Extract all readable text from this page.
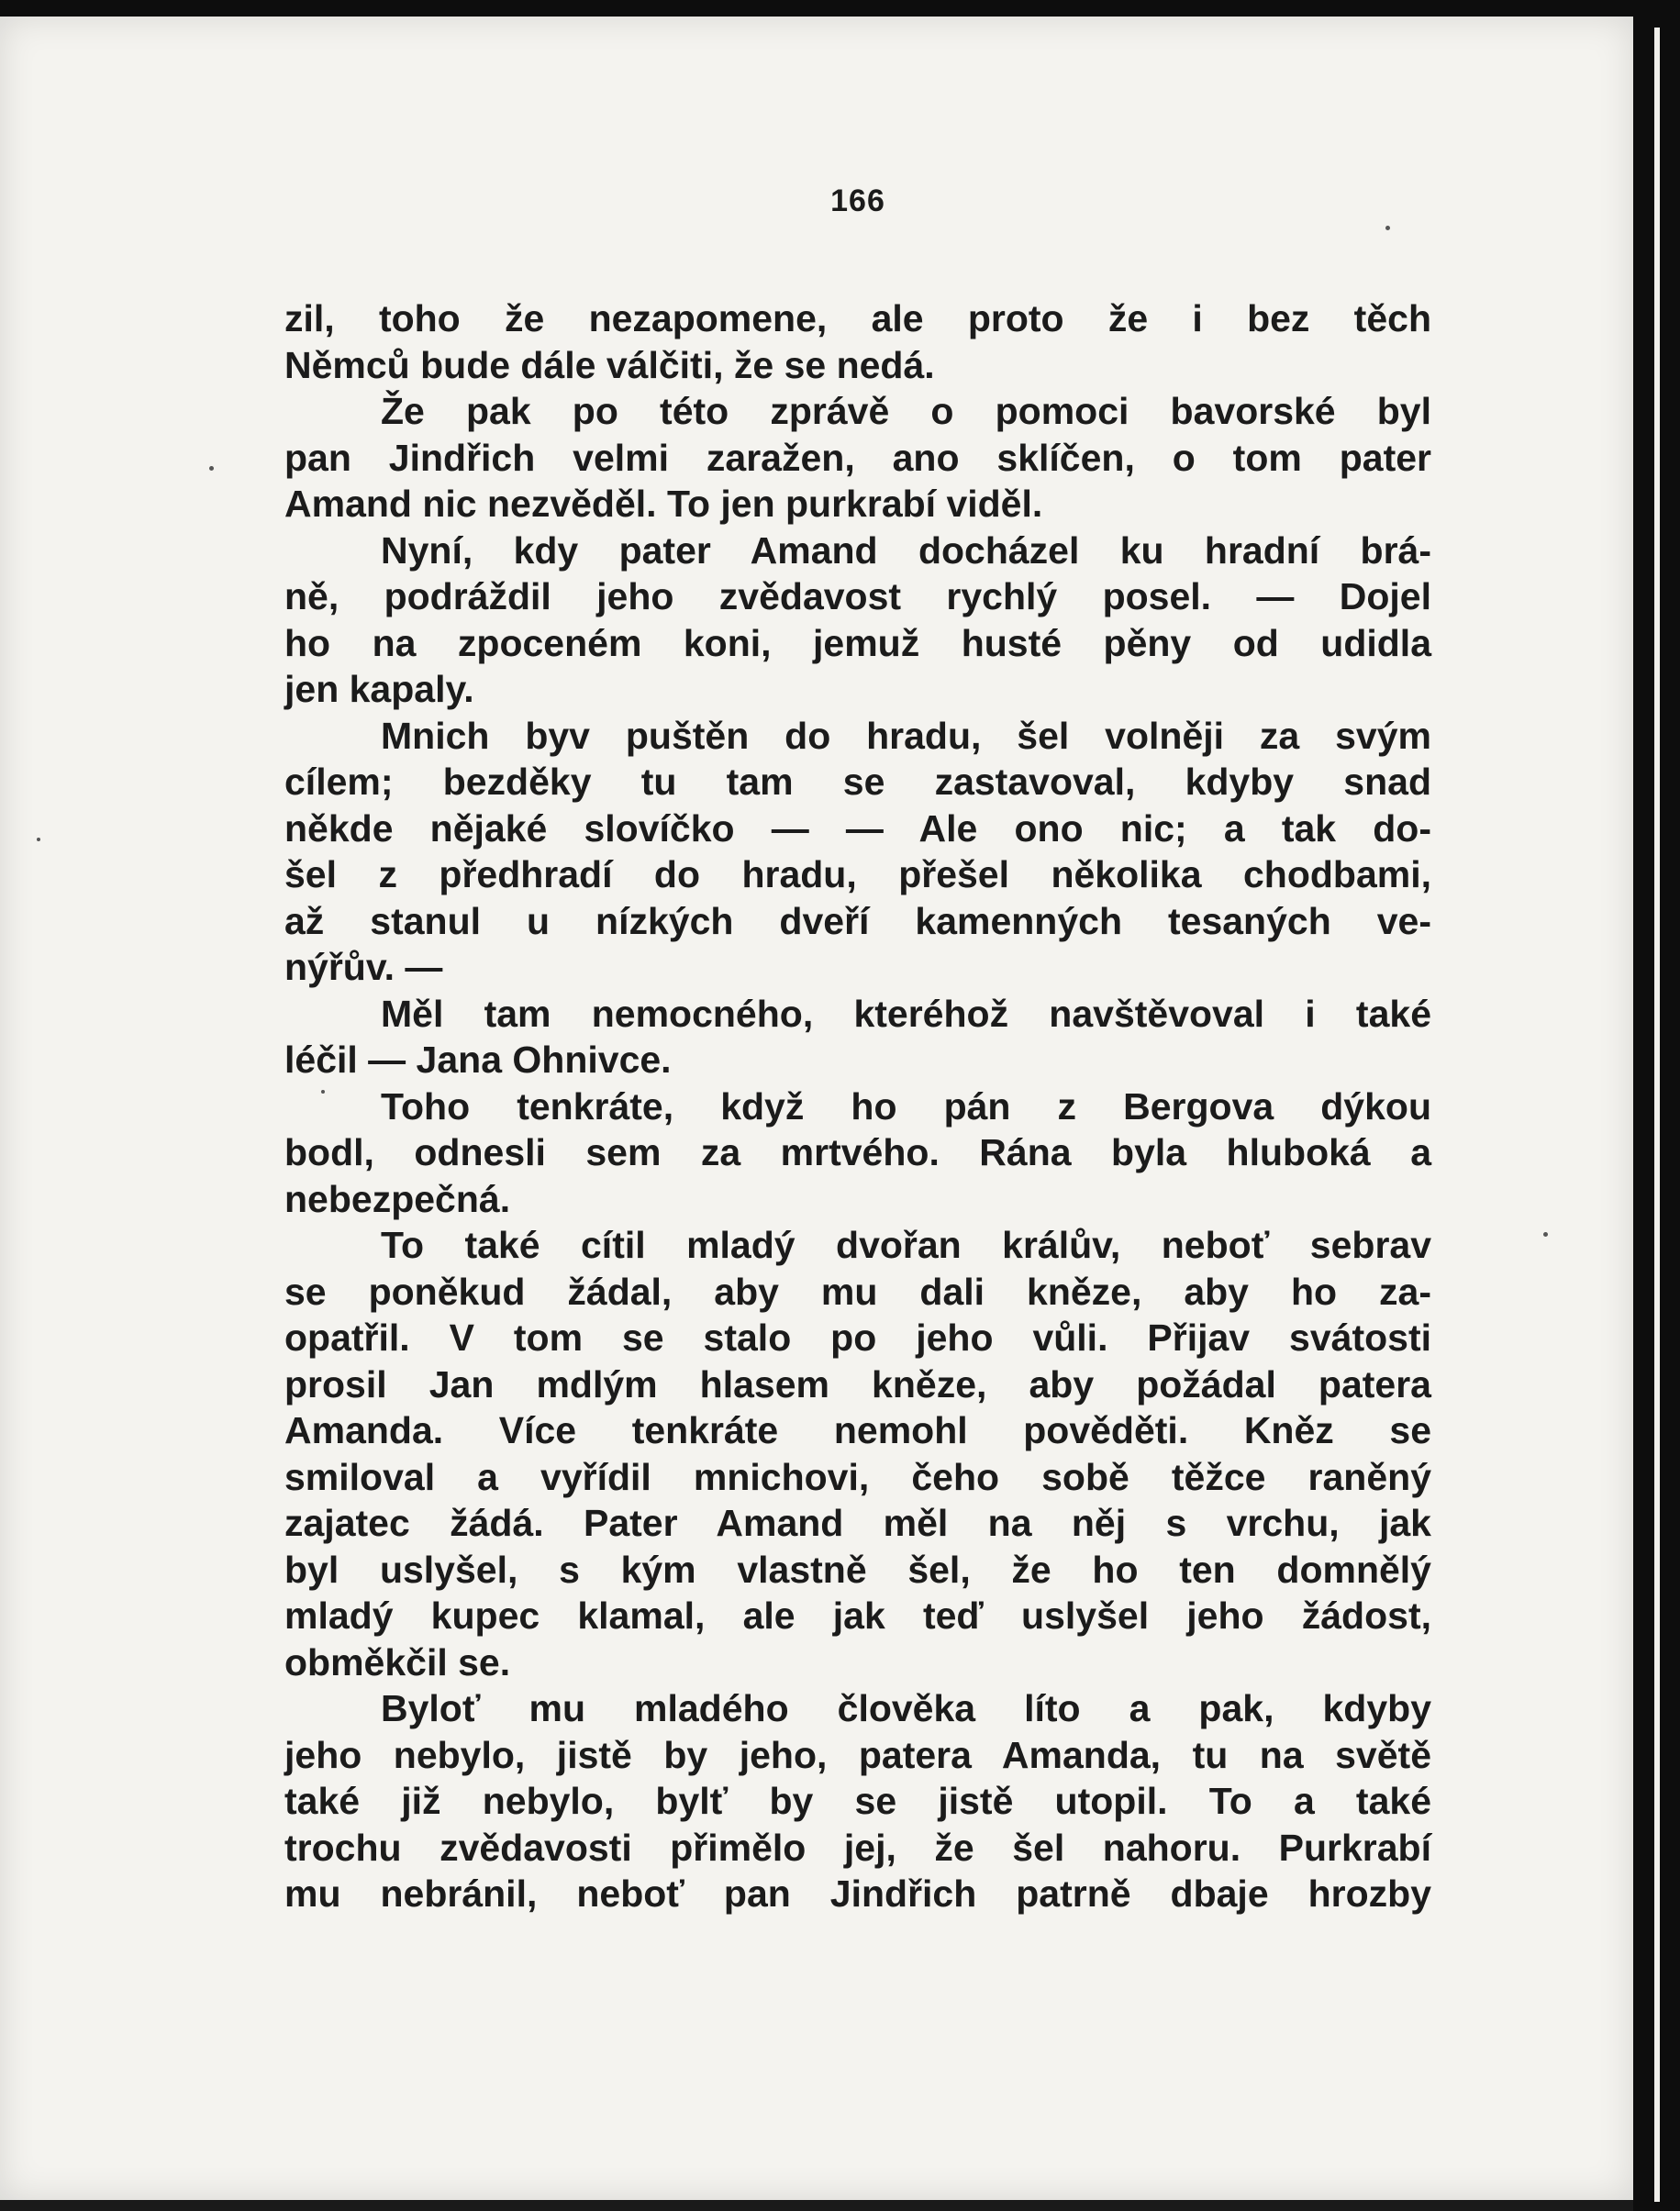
166
zil, toho že nezapomene, ale proto že i bez těch
Němců bude dále válčiti, že se nedá.
Že pak po této zprávě o pomoci bavorské byl
pan Jindřich velmi zaražen, ano sklíčen, o tom pater
Amand nic nezvěděl. To jen purkrabí viděl.
Nyní, kdy pater Amand docházel ku hradní brá-
ně, podráždil jeho zvědavost rychlý posel. — Dojel
ho na zpoceném koni, jemuž husté pěny od udidla
jen kapaly.
Mnich byv puštěn do hradu, šel volněji za svým
cílem; bezděky tu tam se zastavoval, kdyby snad
někde nějaké slovíčko — — Ale ono nic; a tak do-
šel z předhradí do hradu, přešel několika chodbami,
až stanul u nízkých dveří kamenných tesaných ve-
nýřův. —
Měl tam nemocného, kteréhož navštěvoval i také
léčil — Jana Ohnivce.
Toho tenkráte, když ho pán z Bergova dýkou
bodl, odnesli sem za mrtvého. Rána byla hluboká a
nebezpečná.
To také cítil mladý dvořan králův, neboť sebrav
se poněkud žádal, aby mu dali kněze, aby ho za-
opatřil. V tom se stalo po jeho vůli. Přijav svátosti
prosil Jan mdlým hlasem kněze, aby požádal patera
Amanda. Více tenkráte nemohl pověděti. Kněz se
smiloval a vyřídil mnichovi, čeho sobě těžce raněný
zajatec žádá. Pater Amand měl na něj s vrchu, jak
byl uslyšel, s kým vlastně šel, že ho ten domnělý
mladý kupec klamal, ale jak teď uslyšel jeho žádost,
obměkčil se.
Byloť mu mladého člověka líto a pak, kdyby
jeho nebylo, jistě by jeho, patera Amanda, tu na světě
také již nebylo, bylť by se jistě utopil. To a také
trochu zvědavosti přimělo jej, že šel nahoru. Purkrabí
mu nebránil, neboť pan Jindřich patrně dbaje hrozby
